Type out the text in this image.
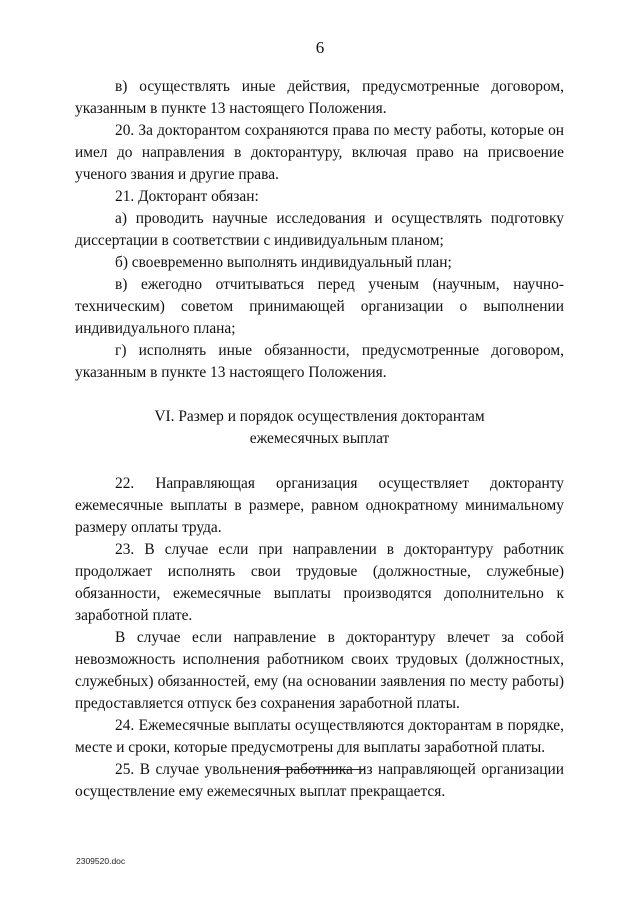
6

в) осуществлять иные действия, предусмотренные договором, указанным в пункте 13 настоящего Положения.

20. За докторантом сохраняются права по месту работы, которые он имел до направления в докторантуру, включая право на присвоение ученого звания и другие права.

21. Докторант обязан:

а) проводить научные исследования и осуществлять подготовку диссертации в соответствии с индивидуальным планом;

б) своевременно выполнять индивидуальный план;

в) ежегодно отчитываться перед ученым (научным, научно-техническим) советом принимающей организации о выполнении индивидуального плана;

г) исполнять иные обязанности, предусмотренные договором, указанным в пункте 13 настоящего Положения.

VI. Размер и порядок осуществления докторантам
ежемесячных выплат

22. Направляющая организация осуществляет докторанту ежемесячные выплаты в размере, равном однократному минимальному размеру оплаты труда.

23. В случае если при направлении в докторантуру работник продолжает исполнять свои трудовые (должностные, служебные) обязанности, ежемесячные выплаты производятся дополнительно к заработной плате.

В случае если направление в докторантуру влечет за собой невозможность исполнения работником своих трудовых (должностных, служебных) обязанностей, ему (на основании заявления по месту работы) предоставляется отпуск без сохранения заработной платы.

24. Ежемесячные выплаты осуществляются докторантам в порядке, месте и сроки, которые предусмотрены для выплаты заработной платы.

25. В случае увольнения работника из направляющей организации осуществление ему ежемесячных выплат прекращается.

2309520.doc
